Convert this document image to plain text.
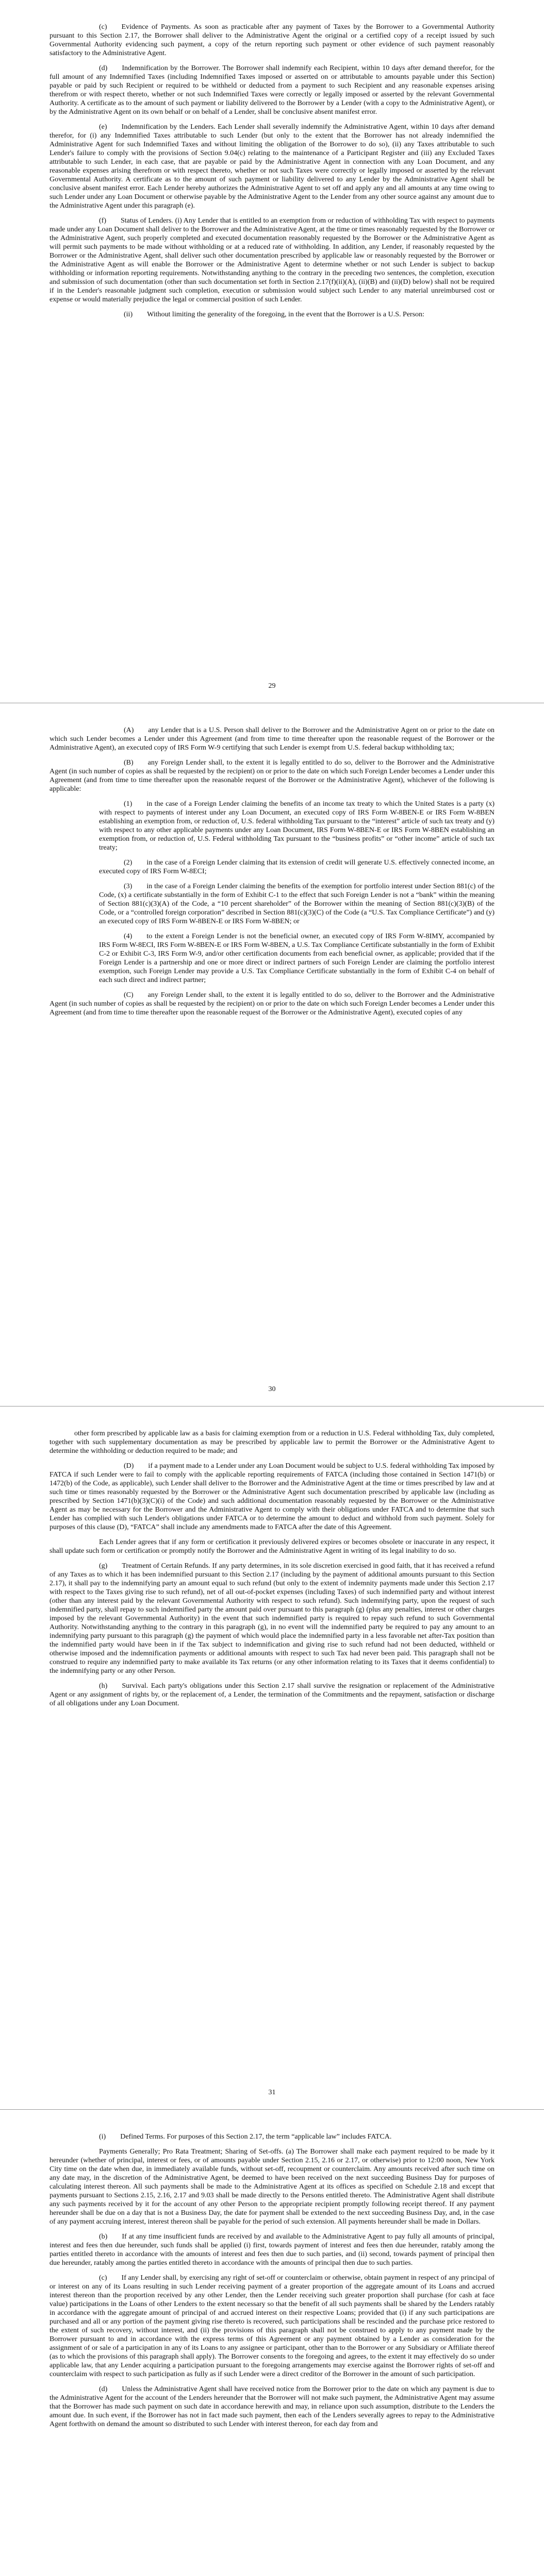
(c)  Evidence of Payments. As soon as practicable after any payment of Taxes by the Borrower to a Governmental Authority pursuant to this Section 2.17, the Borrower shall deliver to the Administrative Agent the original or a certified copy of a receipt issued by such Governmental Authority evidencing such payment, a copy of the return reporting such payment or other evidence of such payment reasonably satisfactory to the Administrative Agent.

(d)  Indemnification by the Borrower. The Borrower shall indemnify each Recipient, within 10 days after demand therefor, for the full amount of any Indemnified Taxes (including Indemnified Taxes imposed or asserted on or attributable to amounts payable under this Section) payable or paid by such Recipient or required to be withheld or deducted from a payment to such Recipient and any reasonable expenses arising therefrom or with respect thereto, whether or not such Indemnified Taxes were correctly or legally imposed or asserted by the relevant Governmental Authority. A certificate as to the amount of such payment or liability delivered to the Borrower by a Lender (with a copy to the Administrative Agent), or by the Administrative Agent on its own behalf or on behalf of a Lender, shall be conclusive absent manifest error.

(e)  Indemnification by the Lenders. Each Lender shall severally indemnify the Administrative Agent, within 10 days after demand therefor, for (i) any Indemnified Taxes attributable to such Lender (but only to the extent that the Borrower has not already indemnified the Administrative Agent for such Indemnified Taxes and without limiting the obligation of the Borrower to do so), (ii) any Taxes attributable to such Lender's failure to comply with the provisions of Section 9.04(c) relating to the maintenance of a Participant Register and (iii) any Excluded Taxes attributable to such Lender, in each case, that are payable or paid by the Administrative Agent in connection with any Loan Document, and any reasonable expenses arising therefrom or with respect thereto, whether or not such Taxes were correctly or legally imposed or asserted by the relevant Governmental Authority. A certificate as to the amount of such payment or liability delivered to any Lender by the Administrative Agent shall be conclusive absent manifest error. Each Lender hereby authorizes the Administrative Agent to set off and apply any and all amounts at any time owing to such Lender under any Loan Document or otherwise payable by the Administrative Agent to the Lender from any other source against any amount due to the Administrative Agent under this paragraph (e).

(f)  Status of Lenders. (i) Any Lender that is entitled to an exemption from or reduction of withholding Tax with respect to payments made under any Loan Document shall deliver to the Borrower and the Administrative Agent, at the time or times reasonably requested by the Borrower or the Administrative Agent, such properly completed and executed documentation reasonably requested by the Borrower or the Administrative Agent as will permit such payments to be made without withholding or at a reduced rate of withholding. In addition, any Lender, if reasonably requested by the Borrower or the Administrative Agent, shall deliver such other documentation prescribed by applicable law or reasonably requested by the Borrower or the Administrative Agent as will enable the Borrower or the Administrative Agent to determine whether or not such Lender is subject to backup withholding or information reporting requirements. Notwithstanding anything to the contrary in the preceding two sentences, the completion, execution and submission of such documentation (other than such documentation set forth in Section 2.17(f)(ii)(A), (ii)(B) and (ii)(D) below) shall not be required if in the Lender's reasonable judgment such completion, execution or submission would subject such Lender to any material unreimbursed cost or expense or would materially prejudice the legal or commercial position of such Lender.

(ii)  Without limiting the generality of the foregoing, in the event that the Borrower is a U.S. Person:

29

(A)  any Lender that is a U.S. Person shall deliver to the Borrower and the Administrative Agent on or prior to the date on which such Lender becomes a Lender under this Agreement (and from time to time thereafter upon the reasonable request of the Borrower or the Administrative Agent), an executed copy of IRS Form W-9 certifying that such Lender is exempt from U.S. federal backup withholding tax;

(B)  any Foreign Lender shall, to the extent it is legally entitled to do so, deliver to the Borrower and the Administrative Agent (in such number of copies as shall be requested by the recipient) on or prior to the date on which such Foreign Lender becomes a Lender under this Agreement (and from time to time thereafter upon the reasonable request of the Borrower or the Administrative Agent), whichever of the following is applicable:

(1)  in the case of a Foreign Lender claiming the benefits of an income tax treaty to which the United States is a party (x) with respect to payments of interest under any Loan Document, an executed copy of IRS Form W-8BEN-E or IRS Form W-8BEN establishing an exemption from, or reduction of, U.S. federal withholding Tax pursuant to the “interest” article of such tax treaty and (y) with respect to any other applicable payments under any Loan Document, IRS Form W-8BEN-E or IRS Form W-8BEN establishing an exemption from, or reduction of, U.S. Federal withholding Tax pursuant to the “business profits” or “other income” article of such tax treaty;

(2)  in the case of a Foreign Lender claiming that its extension of credit will generate U.S. effectively connected income, an executed copy of IRS Form W-8ECI;

(3)  in the case of a Foreign Lender claiming the benefits of the exemption for portfolio interest under Section 881(c) of the Code, (x) a certificate substantially in the form of Exhibit C-1 to the effect that such Foreign Lender is not a “bank” within the meaning of Section 881(c)(3)(A) of the Code, a “10 percent shareholder” of the Borrower within the meaning of Section 881(c)(3)(B) of the Code, or a “controlled foreign corporation” described in Section 881(c)(3)(C) of the Code (a “U.S. Tax Compliance Certificate”) and (y) an executed copy of IRS Form W-8BEN-E or IRS Form W-8BEN; or

(4)  to the extent a Foreign Lender is not the beneficial owner, an executed copy of IRS Form W-8IMY, accompanied by IRS Form W-8ECI, IRS Form W-8BEN-E or IRS Form W-8BEN, a U.S. Tax Compliance Certificate substantially in the form of Exhibit C-2 or Exhibit C-3, IRS Form W-9, and/or other certification documents from each beneficial owner, as applicable; provided that if the Foreign Lender is a partnership and one or more direct or indirect partners of such Foreign Lender are claiming the portfolio interest exemption, such Foreign Lender may provide a U.S. Tax Compliance Certificate substantially in the form of Exhibit C-4 on behalf of each such direct and indirect partner;

(C)  any Foreign Lender shall, to the extent it is legally entitled to do so, deliver to the Borrower and the Administrative Agent (in such number of copies as shall be requested by the recipient) on or prior to the date on which such Foreign Lender becomes a Lender under this Agreement (and from time to time thereafter upon the reasonable request of the Borrower or the Administrative Agent), executed copies of any

30

other form prescribed by applicable law as a basis for claiming exemption from or a reduction in U.S. Federal withholding Tax, duly completed, together with such supplementary documentation as may be prescribed by applicable law to permit the Borrower or the Administrative Agent to determine the withholding or deduction required to be made; and

(D)  if a payment made to a Lender under any Loan Document would be subject to U.S. federal withholding Tax imposed by FATCA if such Lender were to fail to comply with the applicable reporting requirements of FATCA (including those contained in Section 1471(b) or 1472(b) of the Code, as applicable), such Lender shall deliver to the Borrower and the Administrative Agent at the time or times prescribed by law and at such time or times reasonably requested by the Borrower or the Administrative Agent such documentation prescribed by applicable law (including as prescribed by Section 1471(b)(3)(C)(i) of the Code) and such additional documentation reasonably requested by the Borrower or the Administrative Agent as may be necessary for the Borrower and the Administrative Agent to comply with their obligations under FATCA and to determine that such Lender has complied with such Lender's obligations under FATCA or to determine the amount to deduct and withhold from such payment. Solely for purposes of this clause (D), “FATCA” shall include any amendments made to FATCA after the date of this Agreement.

Each Lender agrees that if any form or certification it previously delivered expires or becomes obsolete or inaccurate in any respect, it shall update such form or certification or promptly notify the Borrower and the Administrative Agent in writing of its legal inability to do so.

(g)  Treatment of Certain Refunds. If any party determines, in its sole discretion exercised in good faith, that it has received a refund of any Taxes as to which it has been indemnified pursuant to this Section 2.17 (including by the payment of additional amounts pursuant to this Section 2.17), it shall pay to the indemnifying party an amount equal to such refund (but only to the extent of indemnity payments made under this Section 2.17 with respect to the Taxes giving rise to such refund), net of all out-of-pocket expenses (including Taxes) of such indemnified party and without interest (other than any interest paid by the relevant Governmental Authority with respect to such refund). Such indemnifying party, upon the request of such indemnified party, shall repay to such indemnified party the amount paid over pursuant to this paragraph (g) (plus any penalties, interest or other charges imposed by the relevant Governmental Authority) in the event that such indemnified party is required to repay such refund to such Governmental Authority. Notwithstanding anything to the contrary in this paragraph (g), in no event will the indemnified party be required to pay any amount to an indemnifying party pursuant to this paragraph (g) the payment of which would place the indemnified party in a less favorable net after-Tax position than the indemnified party would have been in if the Tax subject to indemnification and giving rise to such refund had not been deducted, withheld or otherwise imposed and the indemnification payments or additional amounts with respect to such Tax had never been paid. This paragraph shall not be construed to require any indemnified party to make available its Tax returns (or any other information relating to its Taxes that it deems confidential) to the indemnifying party or any other Person.

(h)  Survival. Each party's obligations under this Section 2.17 shall survive the resignation or replacement of the Administrative Agent or any assignment of rights by, or the replacement of, a Lender, the termination of the Commitments and the repayment, satisfaction or discharge of all obligations under any Loan Document.

31

(i)  Defined Terms. For purposes of this Section 2.17, the term “applicable law” includes FATCA.

Payments Generally; Pro Rata Treatment; Sharing of Set-offs. (a) The Borrower shall make each payment required to be made by it hereunder (whether of principal, interest or fees, or of amounts payable under Section 2.15, 2.16 or 2.17, or otherwise) prior to 12:00 noon, New York City time on the date when due, in immediately available funds, without set-off, recoupment or counterclaim. Any amounts received after such time on any date may, in the discretion of the Administrative Agent, be deemed to have been received on the next succeeding Business Day for purposes of calculating interest thereon. All such payments shall be made to the Administrative Agent at its offices as specified on Schedule 2.18 and except that payments pursuant to Sections 2.15, 2.16, 2.17 and 9.03 shall be made directly to the Persons entitled thereto. The Administrative Agent shall distribute any such payments received by it for the account of any other Person to the appropriate recipient promptly following receipt thereof. If any payment hereunder shall be due on a day that is not a Business Day, the date for payment shall be extended to the next succeeding Business Day, and, in the case of any payment accruing interest, interest thereon shall be payable for the period of such extension. All payments hereunder shall be made in Dollars.

(b)  If at any time insufficient funds are received by and available to the Administrative Agent to pay fully all amounts of principal, interest and fees then due hereunder, such funds shall be applied (i) first, towards payment of interest and fees then due hereunder, ratably among the parties entitled thereto in accordance with the amounts of interest and fees then due to such parties, and (ii) second, towards payment of principal then due hereunder, ratably among the parties entitled thereto in accordance with the amounts of principal then due to such parties.

(c)  If any Lender shall, by exercising any right of set-off or counterclaim or otherwise, obtain payment in respect of any principal of or interest on any of its Loans resulting in such Lender receiving payment of a greater proportion of the aggregate amount of its Loans and accrued interest thereon than the proportion received by any other Lender, then the Lender receiving such greater proportion shall purchase (for cash at face value) participations in the Loans of other Lenders to the extent necessary so that the benefit of all such payments shall be shared by the Lenders ratably in accordance with the aggregate amount of principal of and accrued interest on their respective Loans; provided that (i) if any such participations are purchased and all or any portion of the payment giving rise thereto is recovered, such participations shall be rescinded and the purchase price restored to the extent of such recovery, without interest, and (ii) the provisions of this paragraph shall not be construed to apply to any payment made by the Borrower pursuant to and in accordance with the express terms of this Agreement or any payment obtained by a Lender as consideration for the assignment of or sale of a participation in any of its Loans to any assignee or participant, other than to the Borrower or any Subsidiary or Affiliate thereof (as to which the provisions of this paragraph shall apply). The Borrower consents to the foregoing and agrees, to the extent it may effectively do so under applicable law, that any Lender acquiring a participation pursuant to the foregoing arrangements may exercise against the Borrower rights of set-off and counterclaim with respect to such participation as fully as if such Lender were a direct creditor of the Borrower in the amount of such participation.

(d)  Unless the Administrative Agent shall have received notice from the Borrower prior to the date on which any payment is due to the Administrative Agent for the account of the Lenders hereunder that the Borrower will not make such payment, the Administrative Agent may assume that the Borrower has made such payment on such date in accordance herewith and may, in reliance upon such assumption, distribute to the Lenders the amount due. In such event, if the Borrower has not in fact made such payment, then each of the Lenders severally agrees to repay to the Administrative Agent forthwith on demand the amount so distributed to such Lender with interest thereon, for each day from and
